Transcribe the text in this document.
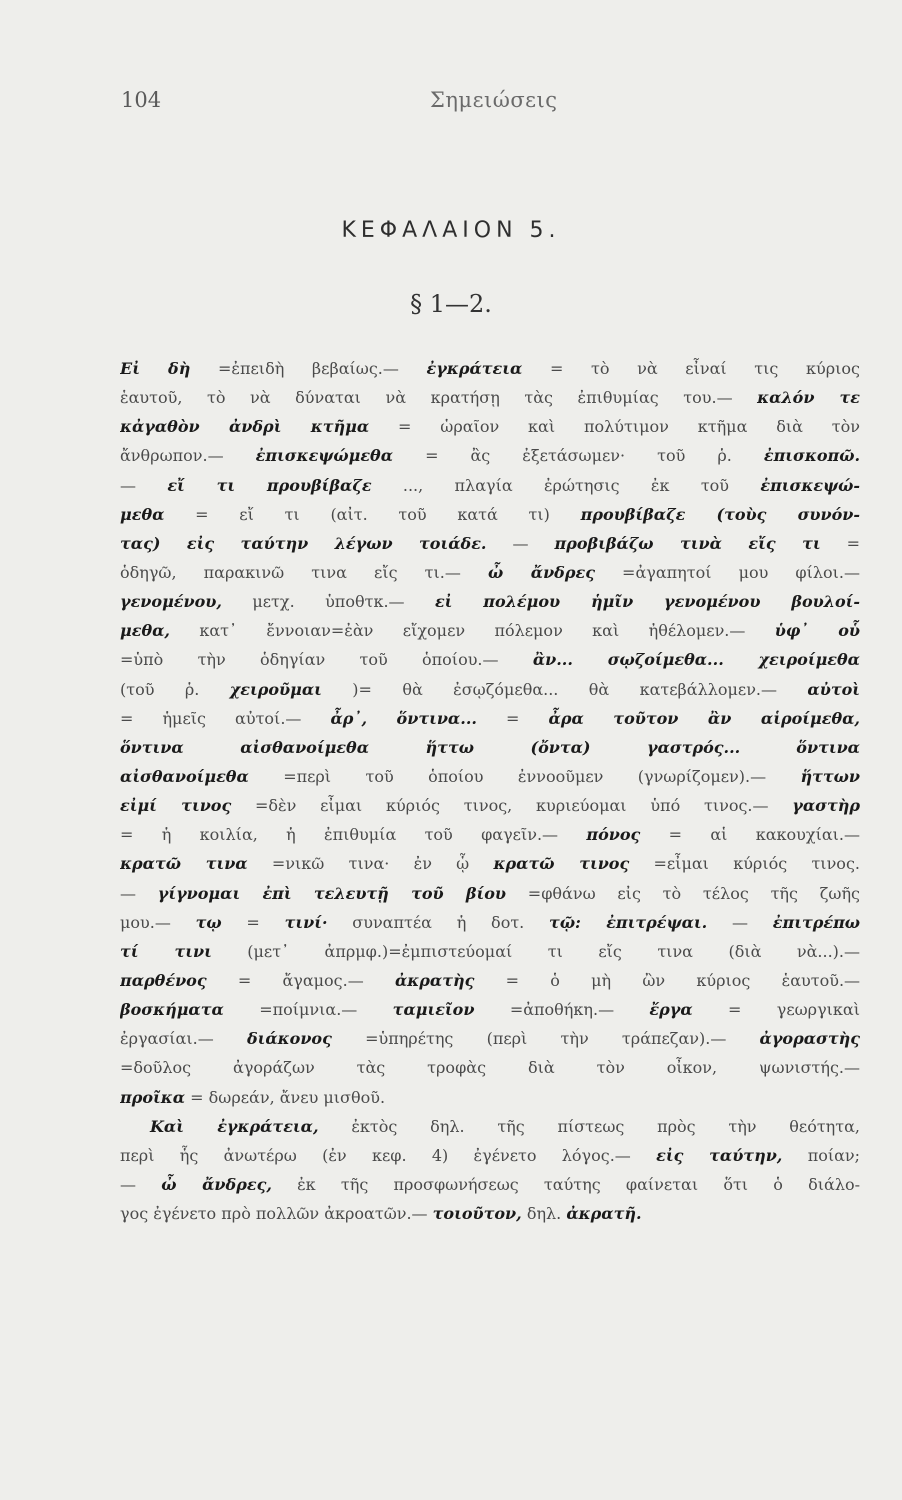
104	Σημειώσεις
ΚΕΦΑΛΑΙΟΝ 5.
§ 1—2.
Εἰ δὴ =ἐπειδὴ βεβαίως.— ἐγκράτεια = τὸ νὰ εἶναί τις κύριος
ἑαυτοῦ, τὸ νὰ δύναται νὰ κρατήσῃ τὰς ἐπιθυμίας του.— καλόν τε
κἀγαθὸν ἀνδρὶ κτῆμα = ὡραῖον καὶ πολύτιμον κτῆμα διὰ τὸν
ἄνθρωπον.— ἐπισκεψώμεθα = ἂς ἐξετάσωμεν· τοῦ ῥ. ἐπισκοπῶ.
— εἴ τι προυβίβαζε ..., πλαγία ἐρώτησις ἐκ τοῦ ἐπισκεψώ-
μεθα = εἴ τι (αἰτ. τοῦ κατά τι) προυβίβαζε (τοὺς συνόν-
τας) εἰς ταύτην λέγων τοιάδε. — προβιβάζω τινὰ εἴς τι =
ὁδηγῶ, παρακινῶ τινα εἴς τι.— ὦ ἄνδρες =ἀγαπητοί μου φίλοι.—
γενομένου, μετχ. ὑποθτκ.— εἰ πολέμου ἡμῖν γενομένου βουλοί-
μεθα, κατ᾿ ἔννοιαν=ἐὰν εἴχομεν πόλεμον καὶ ἠθέλομεν.— ὑφ᾿ οὗ
=ὑπὸ τὴν ὁδηγίαν τοῦ ὁποίου.— ἂν... σῳζοίμεθα... χειροίμεθα
(τοῦ ῥ. χειροῦμαι )= θὰ ἐσῳζόμεθα... θὰ κατεβάλλομεν.— αὐτοὶ
= ἡμεῖς αὐτοί.— ἆρ᾿, ὅντινα... = ἆρα τοῦτον ἂν αἱροίμεθα,
ὅντινα αἰσθανοίμεθα ἥττω (ὄντα) γαστρός...	ὅντινα
αἰσθανοίμεθα =περὶ τοῦ ὁποίου ἐννοοῦμεν (γνωρίζομεν).— ἥττων
εἰμί τινος =δὲν εἶμαι κύριός τινος, κυριεύομαι ὑπό τινος.— γαστὴρ
= ἡ κοιλία, ἡ ἐπιθυμία τοῦ φαγεῖν.— πόνος = αἱ κακουχίαι.—
κρατῶ τινα =νικῶ τινα· ἐν ᾧ κρατῶ τινος =εἶμαι κύριός τινος.
— γίγνομαι ἐπὶ τελευτῇ τοῦ βίου =φθάνω εἰς τὸ τέλος τῆς ζωῆς
μου.— τῳ = τινί· συναπτέα ἡ δοτ. τῷ: ἐπιτρέψαι. — ἐπιτρέπω
τί τινι (μετ᾿ ἀπρμφ.)=ἐμπιστεύομαί τι εἴς τινα (διὰ νὰ...).—
παρθένος = ἄγαμος.— ἀκρατὴς = ὁ μὴ ὢν κύριος ἑαυτοῦ.—
βοσκήματα =ποίμνια.— ταμιεῖον =ἀποθήκη.— ἔργα = γεωργικαὶ
ἐργασίαι.— διάκονος =ὑπηρέτης (περὶ τὴν τράπεζαν).— ἀγοραστὴς
=δοῦλος ἀγοράζων τὰς τροφὰς διὰ τὸν οἶκον, ψωνιστής.—
προῖκα = δωρεάν, ἄνευ μισθοῦ.
Καὶ ἐγκράτεια, ἐκτὸς δηλ. τῆς πίστεως πρὸς τὴν θεότητα,
περὶ ἧς ἀνωτέρω (ἐν κεφ. 4) ἐγένετο λόγος.— εἰς ταύτην, ποίαν;
— ὦ ἄνδρες, ἐκ τῆς προσφωνήσεως ταύτης φαίνεται ὅτι ὁ διάλο-
γος ἐγένετο πρὸ πολλῶν ἀκροατῶν.— τοιοῦτον, δηλ. ἀκρατῆ.
